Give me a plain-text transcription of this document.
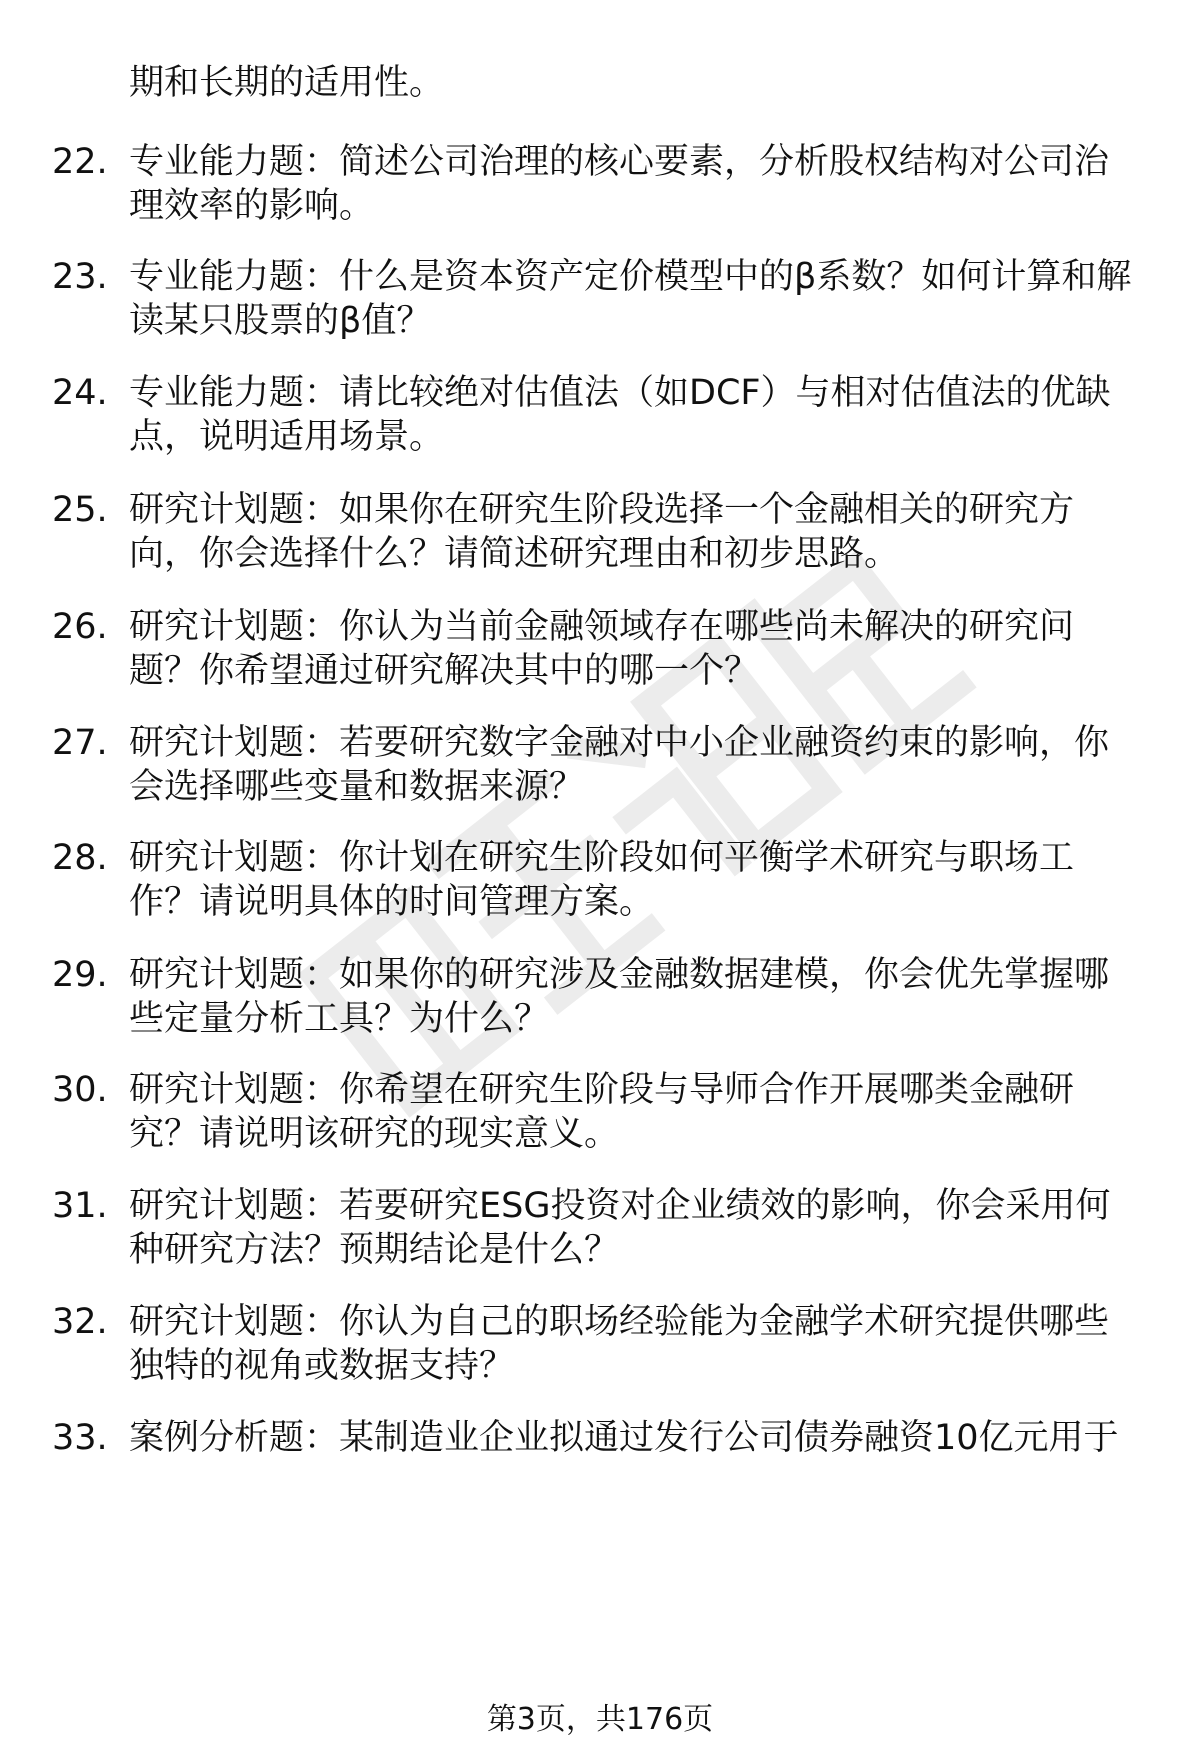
期和长期的适用性。
22. 专业能力题：简述公司治理的核心要素，分析股权结构对公司治
理效率的影响。
23. 专业能力题：什么是资本资产定价模型中的β系数？如何计算和解
读某只股票的β值？
24. 专业能力题：请比较绝对估值法（如DCF）与相对估值法的优缺
点，说明适用场景。
25. 研究计划题：如果你在研究生阶段选择一个金融相关的研究方
向，你会选择什么？请简述研究理由和初步思路。
26. 研究计划题：你认为当前金融领域存在哪些尚未解决的研究问
题？你希望通过研究解决其中的哪一个？
27. 研究计划题：若要研究数字金融对中小企业融资约束的影响，你
会选择哪些变量和数据来源？
28. 研究计划题：你计划在研究生阶段如何平衡学术研究与职场工
作？请说明具体的时间管理方案。
29. 研究计划题：如果你的研究涉及金融数据建模，你会优先掌握哪
些定量分析工具？为什么？
30. 研究计划题：你希望在研究生阶段与导师合作开展哪类金融研
究？请说明该研究的现实意义。
31. 研究计划题：若要研究ESG投资对企业绩效的影响，你会采用何
种研究方法？预期结论是什么？
32. 研究计划题：你认为自己的职场经验能为金融学术研究提供哪些
独特的视角或数据支持？
33. 案例分析题：某制造业企业拟通过发行公司债券融资10亿元用于
第3页，共176页
